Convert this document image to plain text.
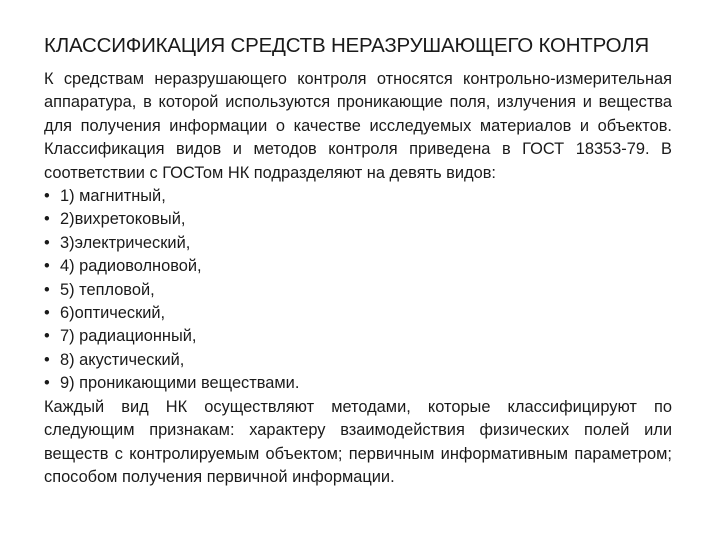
КЛАССИФИКАЦИЯ СРЕДСТВ НЕРАЗРУШАЮЩЕГО КОНТРОЛЯ

К средствам неразрушающего контроля относятся контрольно-измерительная аппаратура, в которой используются проникающие поля, излучения и вещества для получения информации о качестве исследуемых материалов и объектов. Классификация видов и методов контроля приведена в ГОСТ 18353-79. В соответствии с ГОСТом НК подразделяют на девять видов:

• 1) магнитный,
• 2)вихретоковый,
• 3)электрический,
• 4) радиоволновой,
• 5) тепловой,
• 6)оптический,
• 7) радиационный,
• 8) акустический,
• 9) проникающими веществами.

Каждый вид НК осуществляют методами, которые классифицируют по следующим признакам: характеру взаимодействия физических полей или веществ с контролируемым объектом; первичным информативным параметром; способом получения первичной информации.
